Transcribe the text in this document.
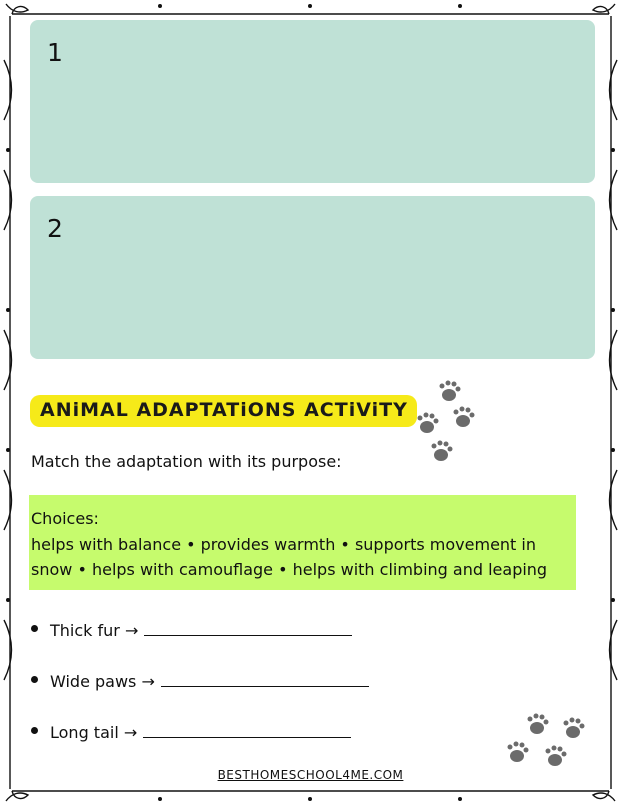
1
2
ANiMAL ADAPTATiONS ACTiViTY
Match the adaptation with its purpose:
Choices:
helps with balance • provides warmth • supports movement in
snow • helps with camouflage • helps with climbing and leaping
Thick fur →
Wide paws →
Long tail →
BESTHOMESCHOOL4ME.COM
